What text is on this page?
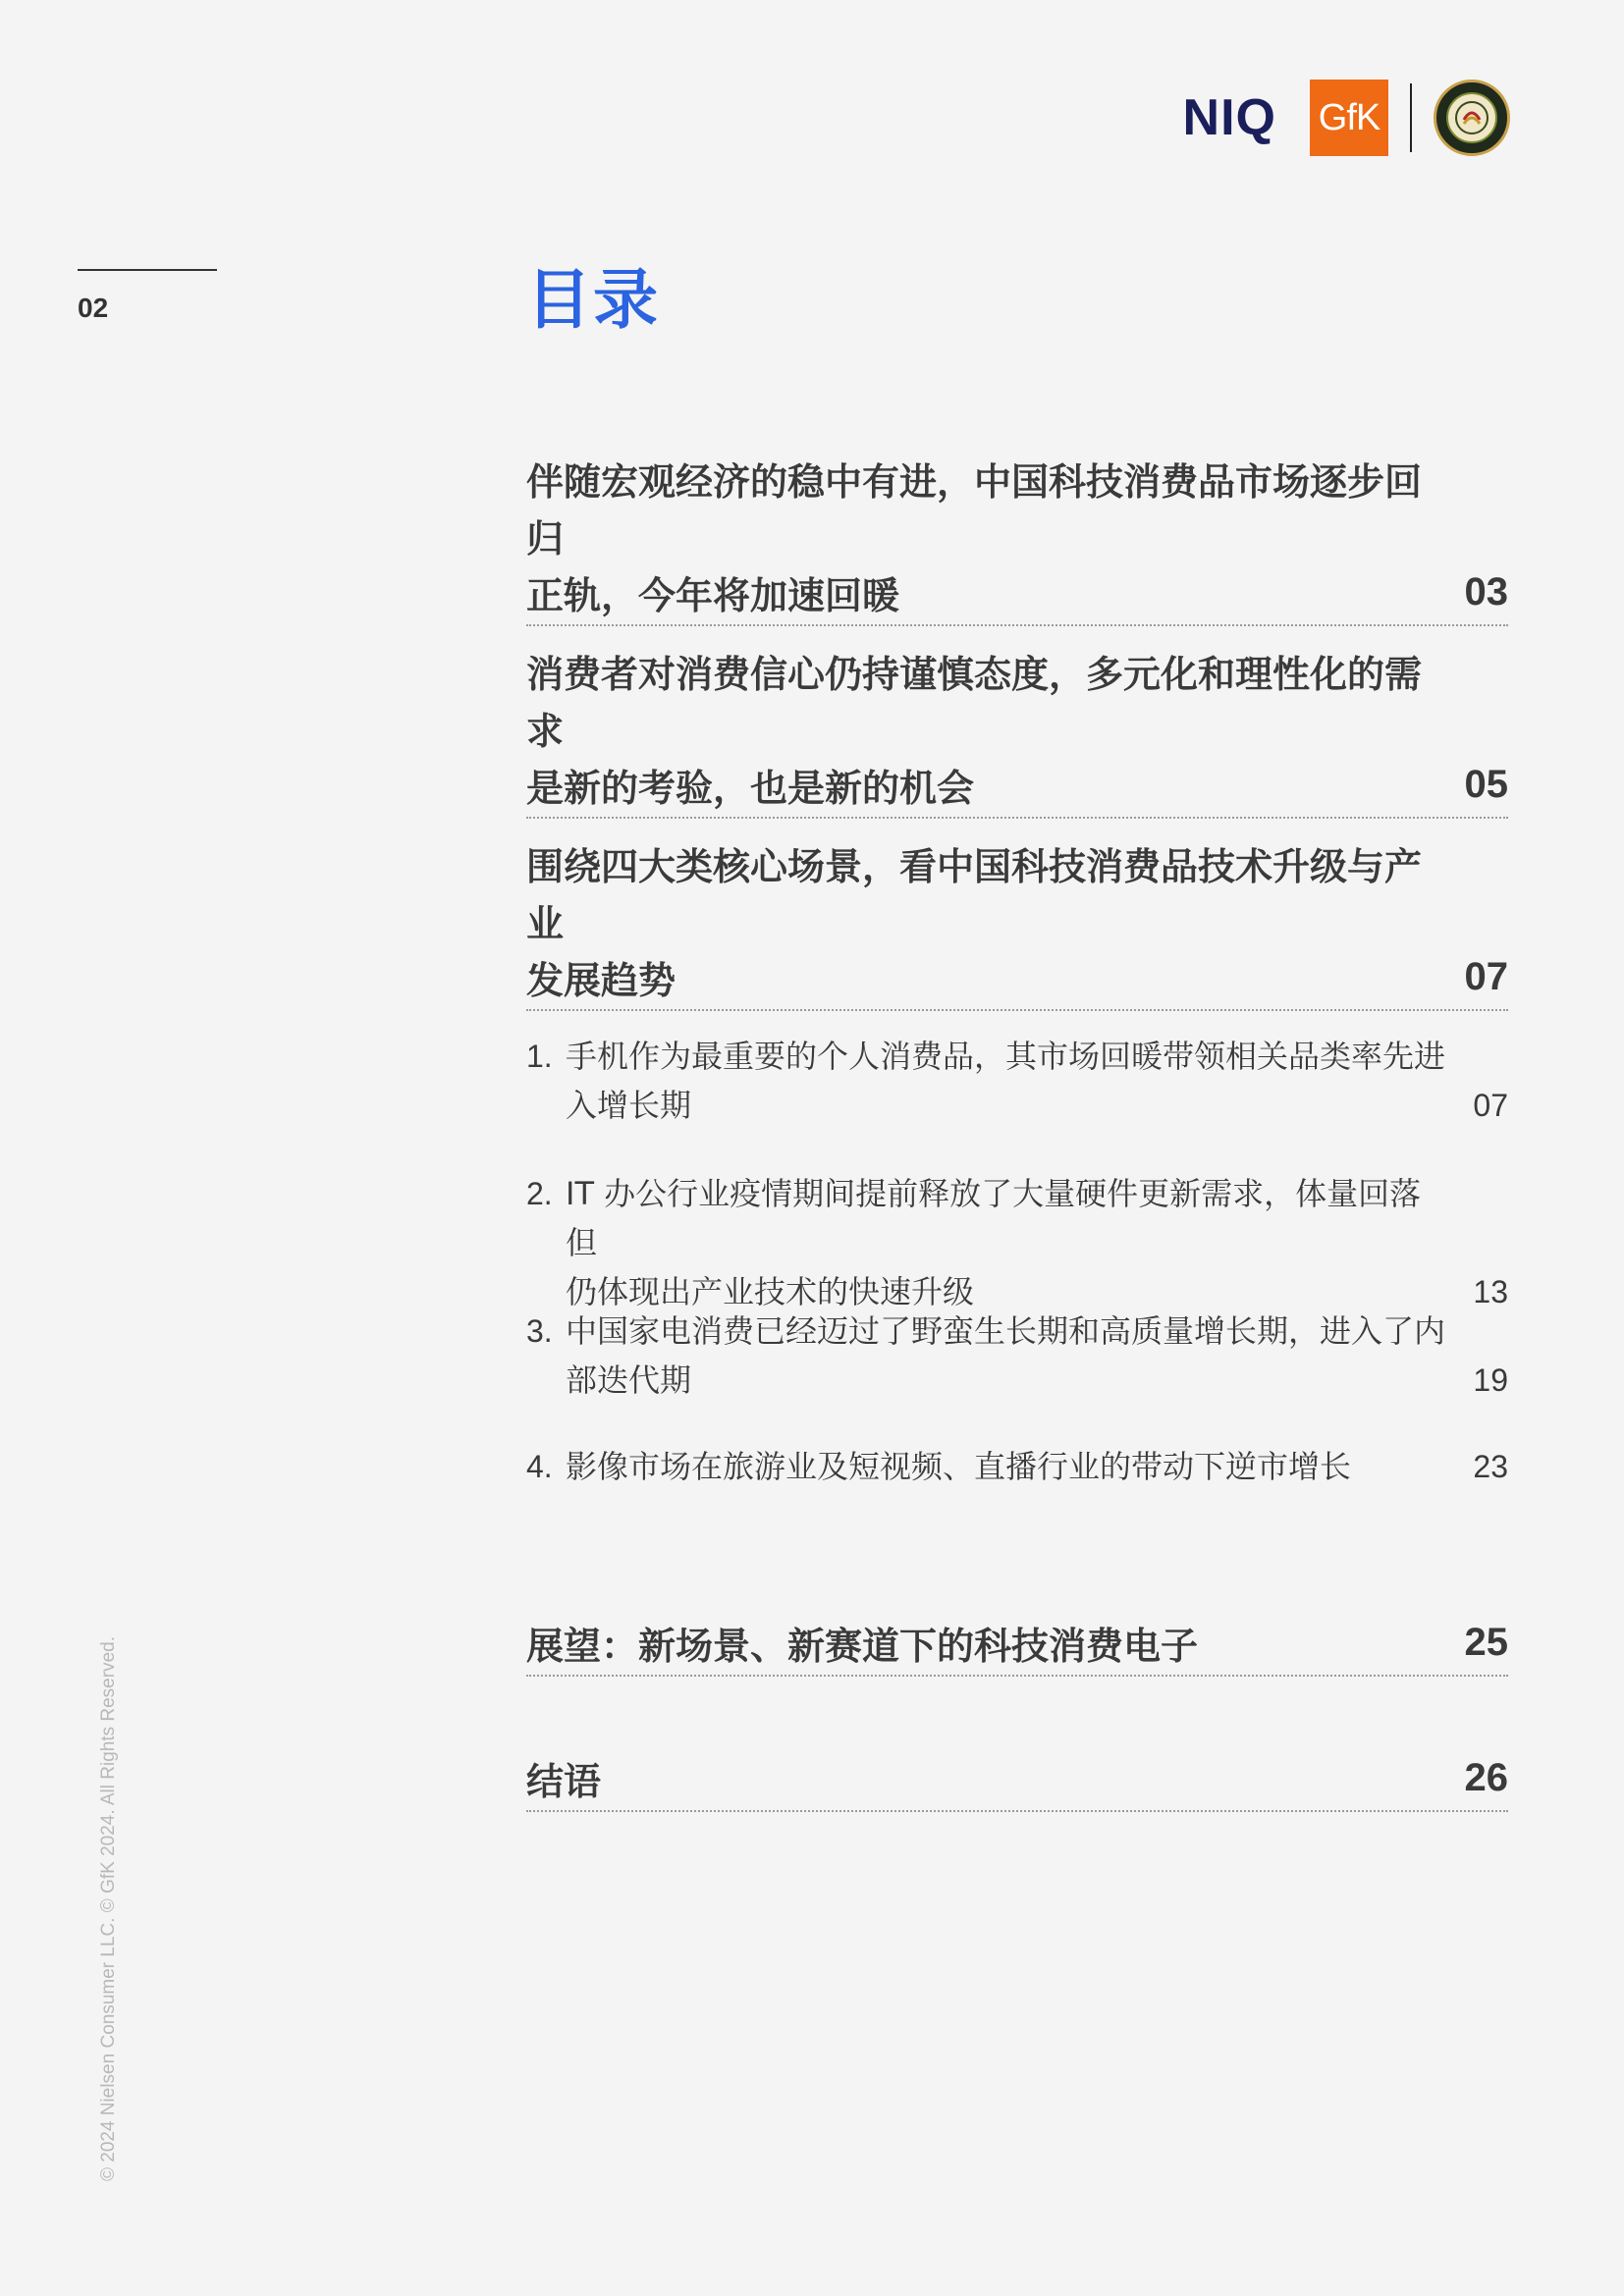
NIQ GfK
02	目录
伴随宏观经济的稳中有进，中国科技消费品市场逐步回归
正轨，今年将加速回暖	03
消费者对消费信心仍持谨慎态度，多元化和理性化的需求
是新的考验，也是新的机会	05
围绕四大类核心场景，看中国科技消费品技术升级与产业
发展趋势	07
1. 手机作为最重要的个人消费品，其市场回暖带领相关品类率先进
入增长期	07
2. IT 办公行业疫情期间提前释放了大量硬件更新需求，体量回落但
仍体现出产业技术的快速升级	13
3. 中国家电消费已经迈过了野蛮生长期和高质量增长期，进入了内
部迭代期	19
4. 影像市场在旅游业及短视频、直播行业的带动下逆市增长	23
展望：新场景、新赛道下的科技消费电子	25
结语	26
© 2024 Nielsen Consumer LLC. © GfK 2024. All Rights Reserved.
